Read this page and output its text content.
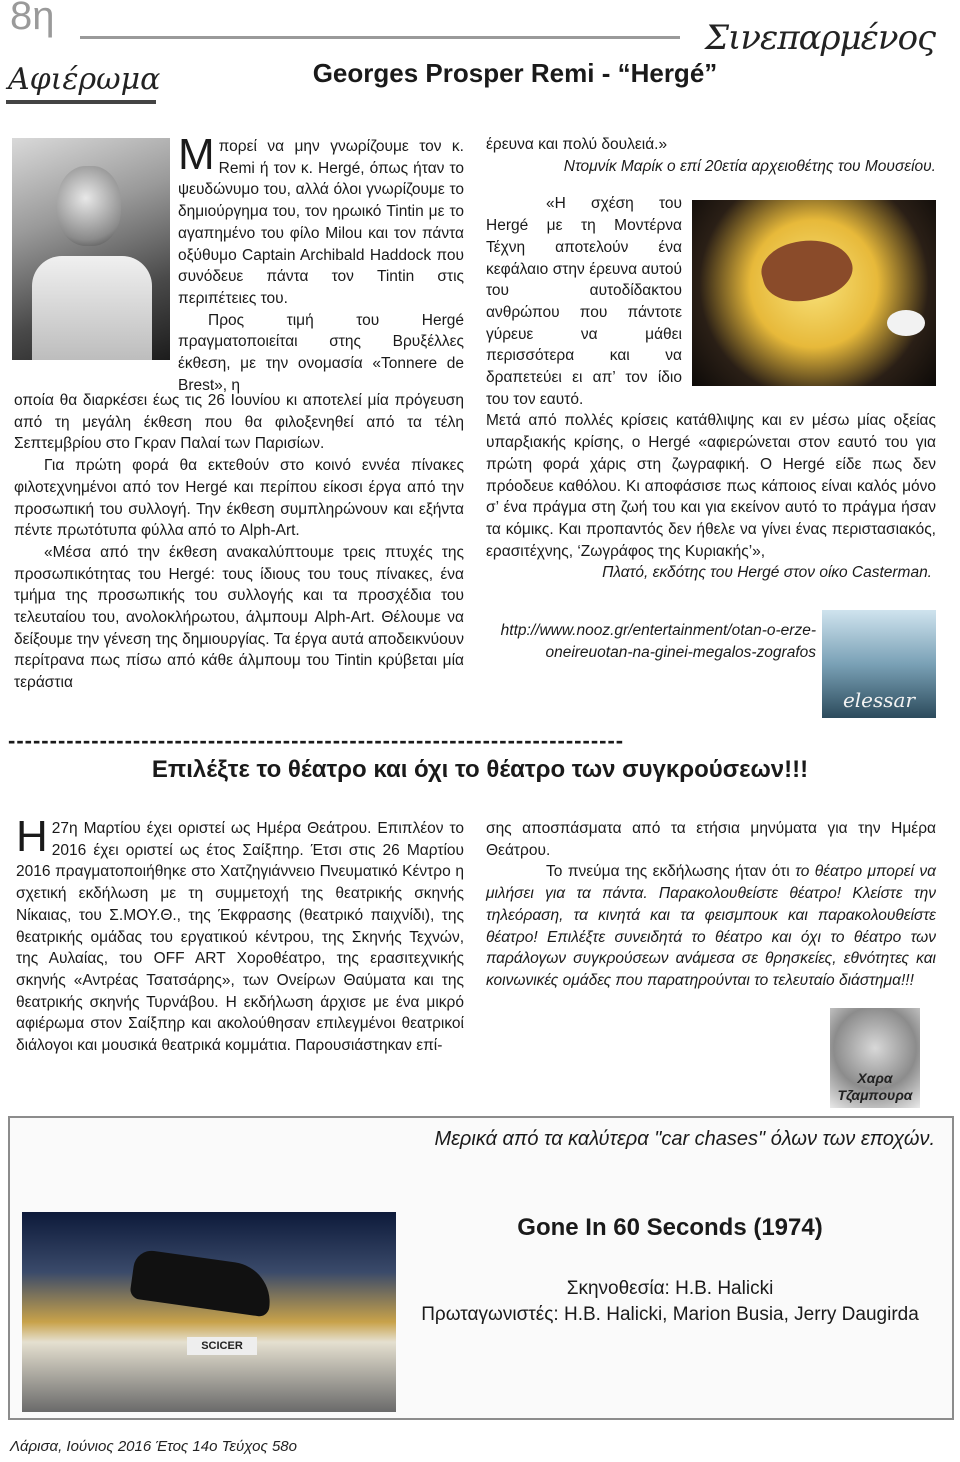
8η	Σινεπαρμένος
Αφιέρωμα	Georges Prosper Remi - “Hergé”
Μπορεί να μην γνωρίζουμε τον κ. Remi ή τον κ. Hergé, όπως ήταν το ψευδώνυμο του, αλλά όλοι γνωρίζουμε το δημιούργημα του, τον ηρωικό Tintin με το αγαπημένο του φίλο Milou και τον πάντα οξύθυμο Captain Archibald Haddock που συνόδευε πάντα τον Tintin στις περιπέτειες του.
Προς τιμή του Hergé πραγματοποιείται στης Βρυξέλλες έκθεση, με την ονομασία «Tonnere de Brest», η
οποία θα διαρκέσει έως τις 26 Ιουνίου κι αποτελεί μία πρόγευση από τη μεγάλη έκθεση που θα φιλοξενηθεί από τα τέλη Σεπτεμβρίου στο Γκραν Παλαί των Παρισίων.
Για πρώτη φορά θα εκτεθούν στο κοινό εννέα πίνακες φιλοτεχνημένοι από τον Hergé και περίπου είκοσι έργα από την προσωπική του συλλογή. Την έκθεση συμπληρώνουν και εξήντα πέντε πρωτότυπα φύλλα από το Alph-Art.
«Μέσα από την έκθεση ανακαλύπτουμε τρεις πτυχές της προσωπικότητας του Hergé: τους ίδιους του τους πίνακες, ένα τμήμα της προσωπικής του συλλογής και τα προσχέδια του τελευταίου του, ανολοκλήρωτου, άλμπουμ Alph-Art. Θέλουμε να δείξουμε την γένεση της δημιουργίας. Τα έργα αυτά αποδεικνύουν περίτρανα πως πίσω από κάθε άλμπουμ του Tintin κρύβεται μία τεράστια
έρευνα και πολύ δουλειά.»
Ντομνίκ Μαρίκ ο επί 20ετία αρχειοθέτης του Μουσείου.
«Η σχέση του Hergé με τη Μοντέρνα Τέχνη αποτελούν ένα κεφάλαιο στην έρευνα αυτού του αυτοδίδακτου ανθρώπου που πάντοτε γύρευε να μάθει περισσότερα και να δραπετεύει ει απ’ τον ίδιο του τον εαυτό.
Μετά από πολλές κρίσεις κατάθλιψης και εν μέσω μίας οξείας υπαρξιακής κρίσης, ο Hergé «αφιερώνεται στον εαυτό του για πρώτη φορά χάρις στη ζωγραφική. Ο Hergé είδε πως δεν πρόοδευε καθόλου. Κι αποφάσισε πως κάποιος είναι καλός μόνο σ’ ένα πράγμα στη ζωή του και για εκείνον αυτό το πράγμα ήσαν τα κόμικς. Και προπαντός δεν ήθελε να γίνει ένας περιστασιακός, ερασιτέχνης, ‘Ζωγράφος της Κυριακής’»,
Πλατό, εκδότης του Hergé στον οίκο Casterman.
http://www.nooz.gr/entertainment/otan-o-erze-oneireuotan-na-ginei-megalos-zografos
elessar
--------------------------------------------------------------------------
Επιλέξτε το θέατρο και όχι το θέατρο των συγκρούσεων!!!
Η 27η Μαρτίου έχει οριστεί ως Ημέρα Θεάτρου. Επιπλέον το 2016 έχει οριστεί ως έτος Σαίξπηρ. Έτσι στις 26 Μαρτίου 2016 πραγματοποιήθηκε στο Χατζηγιάννειο Πνευματικό Κέντρο η σχετική εκδήλωση με τη συμμετοχή της θεατρικής σκηνής Νίκαιας, του Σ.ΜΟΥ.Θ., της Έκφρασης (θεατρικό παιχνίδι), της θεατρικής ομάδας του εργατικού κέντρου, της Σκηνής Τεχνών, της Αυλαίας, του OFF ART Χοροθέατρο, της ερασιτεχνικής σκηνής «Αντρέας Τσατσάρης», των Ονείρων Θαύματα και της θεατρικής σκηνής Τυρνάβου. Η εκδήλωση άρχισε με ένα μικρό αφιέρωμα στον Σαίξπηρ και ακολούθησαν επιλεγμένοι θεατρικοί διάλογοι και μουσικά θεατρικά κομμάτια. Παρουσιάστηκαν επί-
σης αποσπάσματα από τα ετήσια μηνύματα για την Ημέρα Θεάτρου.
Το πνεύμα της εκδήλωσης ήταν ότι το θέατρο μπορεί να μιλήσει για τα πάντα. Παρακολουθείστε θέατρο! Κλείστε την τηλεόραση, τα κινητά και τα φεισμπουκ και παρακολουθείστε θέατρο! Επιλέξτε συνειδητά το θέατρο και όχι το θέατρο των παράλογων συγκρούσεων ανάμεσα σε θρησκείες, εθνότητες και κοινωνικές ομάδες που παρατηρούνται το τελευταίο διάστημα!!!
Χαρα
Τζαμπουρα
Μερικά από τα καλύτερα "car chases" όλων των εποχών.
SCICER
Gone In 60 Seconds (1974)
Σκηνοθεσία: H.B. Halicki
Πρωταγωνιστές: H.B. Halicki, Marion Busia, Jerry Daugirda
Λάρισα, Ιούνιος 2016 Έτος 14ο Τεύχος 58ο
